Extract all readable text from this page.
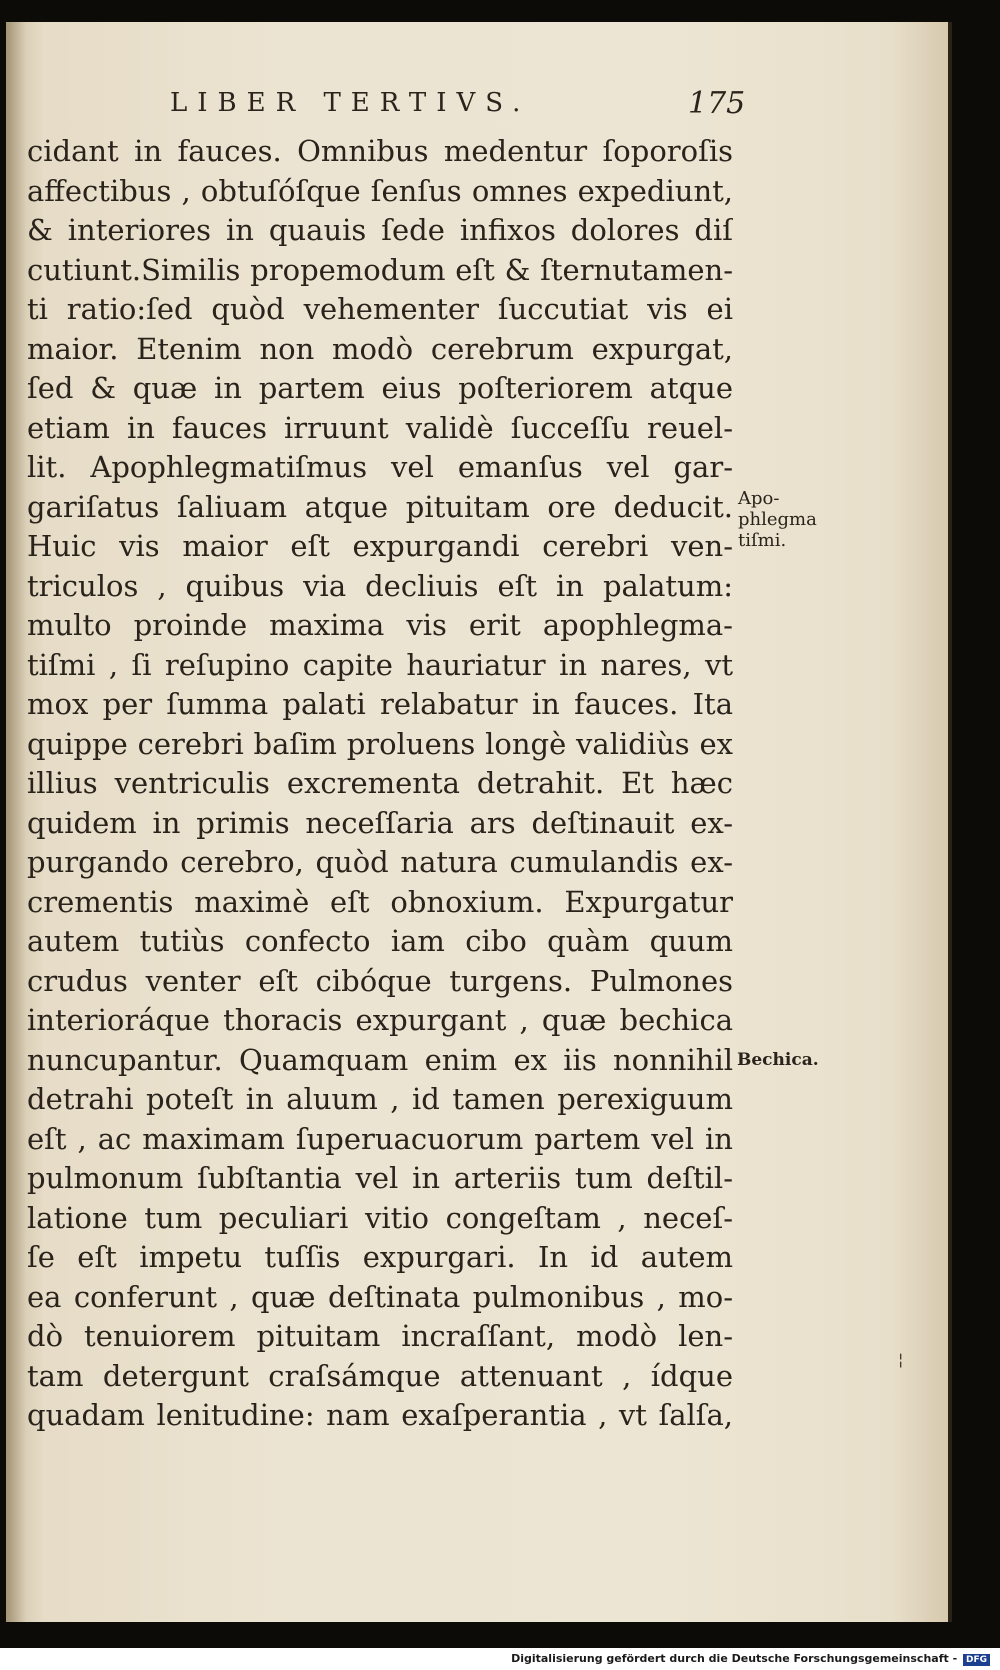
LIBER TERTIVS.	175
cidant in fauces. Omnibus medentur ſoporoſis
affectibus , obtuſóſque ſenſus omnes expediunt,
& interiores in quauis ſede infixos dolores diſ
cutiunt.Similis propemodum eſt & ſternutamen-
ti ratio:ſed quòd vehementer ſuccutiat vis ei
maior. Etenim non modò cerebrum expurgat,
ſed & quæ in partem eius poſteriorem atque
etiam in fauces irruunt validè ſucceſſu reuel-
lit. Apophlegmatiſmus vel emanſus vel gar-
gariſatus ſaliuam atque pituitam ore deducit.
Huic vis maior eſt expurgandi cerebri ven-
triculos , quibus via decliuis eſt in palatum:
multo proinde maxima vis erit apophlegma-
tiſmi , ſi reſupino capite hauriatur in nares, vt
mox per ſumma palati relabatur in fauces. Ita
quippe cerebri baſim proluens longè validiùs ex
illius ventriculis excrementa detrahit. Et hæc
quidem in primis neceſſaria ars deſtinauit ex-
purgando cerebro, quòd natura cumulandis ex-
crementis maximè eſt obnoxium. Expurgatur
autem tutiùs confecto iam cibo quàm quum
crudus venter eſt cibóque turgens. Pulmones
interioráque thoracis expurgant , quæ bechica
nuncupantur. Quamquam enim ex iis nonnihil
detrahi poteſt in aluum , id tamen perexiguum
eſt , ac maximam ſuperuacuorum partem vel in
pulmonum ſubſtantia vel in arteriis tum deſtil-
latione tum peculiari vitio congeſtam , neceſ-
ſe eſt impetu tuſſis expurgari. In id autem
ea conferunt , quæ deſtinata pulmonibus , mo-
dò tenuiorem pituitam incraſſant, modò len-
tam detergunt craſsámque attenuant , ídque
quadam lenitudine: nam exaſperantia , vt ſalſa,
Apo-
phlegma
tiſmi.
Bechica.
¦
Digitalisierung gefördert durch die Deutsche Forschungsgemeinschaft - DFG
